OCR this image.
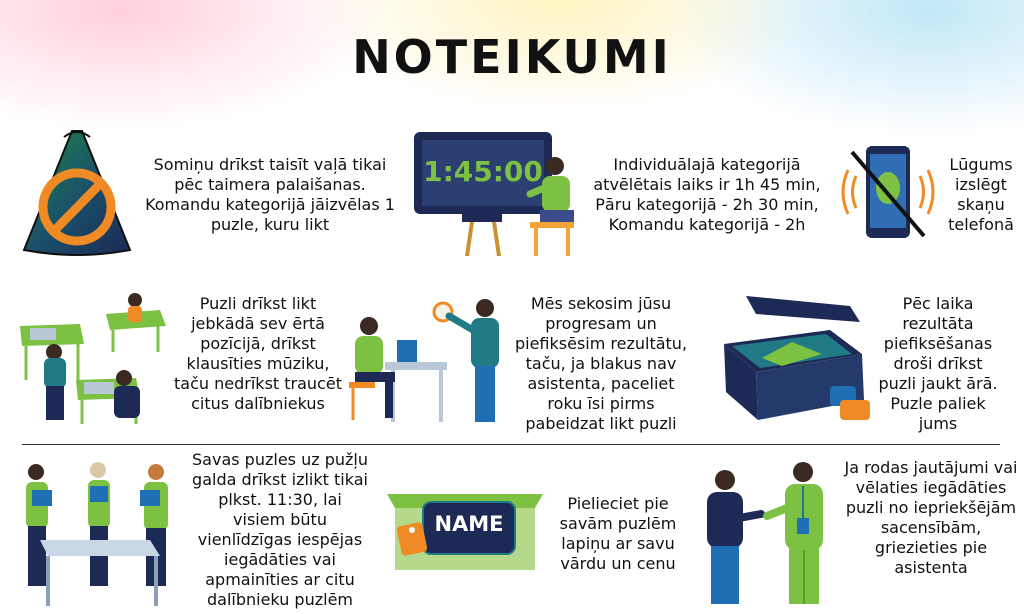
NOTEIKUMI
Somiņu drīkst taisīt vaļā tikai pēc taimera palaišanas. Komandu kategorijā jāizvēlas 1 puzle, kuru likt
1:45:00	Individuālajā kategorijā atvēlētais laiks ir 1h 45 min, Pāru kategorijā - 2h 30 min, Komandu kategorijā - 2h
Lūgums izslēgt skaņu telefonā
Puzli drīkst likt jebkādā sev ērtā pozīcijā, drīkst klausīties mūziku, taču nedrīkst traucēt citus dalībniekus
Mēs sekosim jūsu progresam un piefiksēsim rezultātu, taču, ja blakus nav asistenta, paceliet roku īsi pirms pabeidzat likt puzli
Pēc laika rezultāta piefiksēšanas droši drīkst puzli jaukt ārā. Puzle paliek jums
Savas puzles uz pužļu galda drīkst izlikt tikai plkst. 11:30, lai visiem būtu vienlīdzīgas iespējas iegādāties vai apmainīties ar citu dalībnieku puzlēm
NAME
Pielieciet pie savām puzlēm lapiņu ar savu vārdu un cenu
Ja rodas jautājumi vai vēlaties iegādāties puzli no iepriekšējām sacensībām, griezieties pie asistenta
